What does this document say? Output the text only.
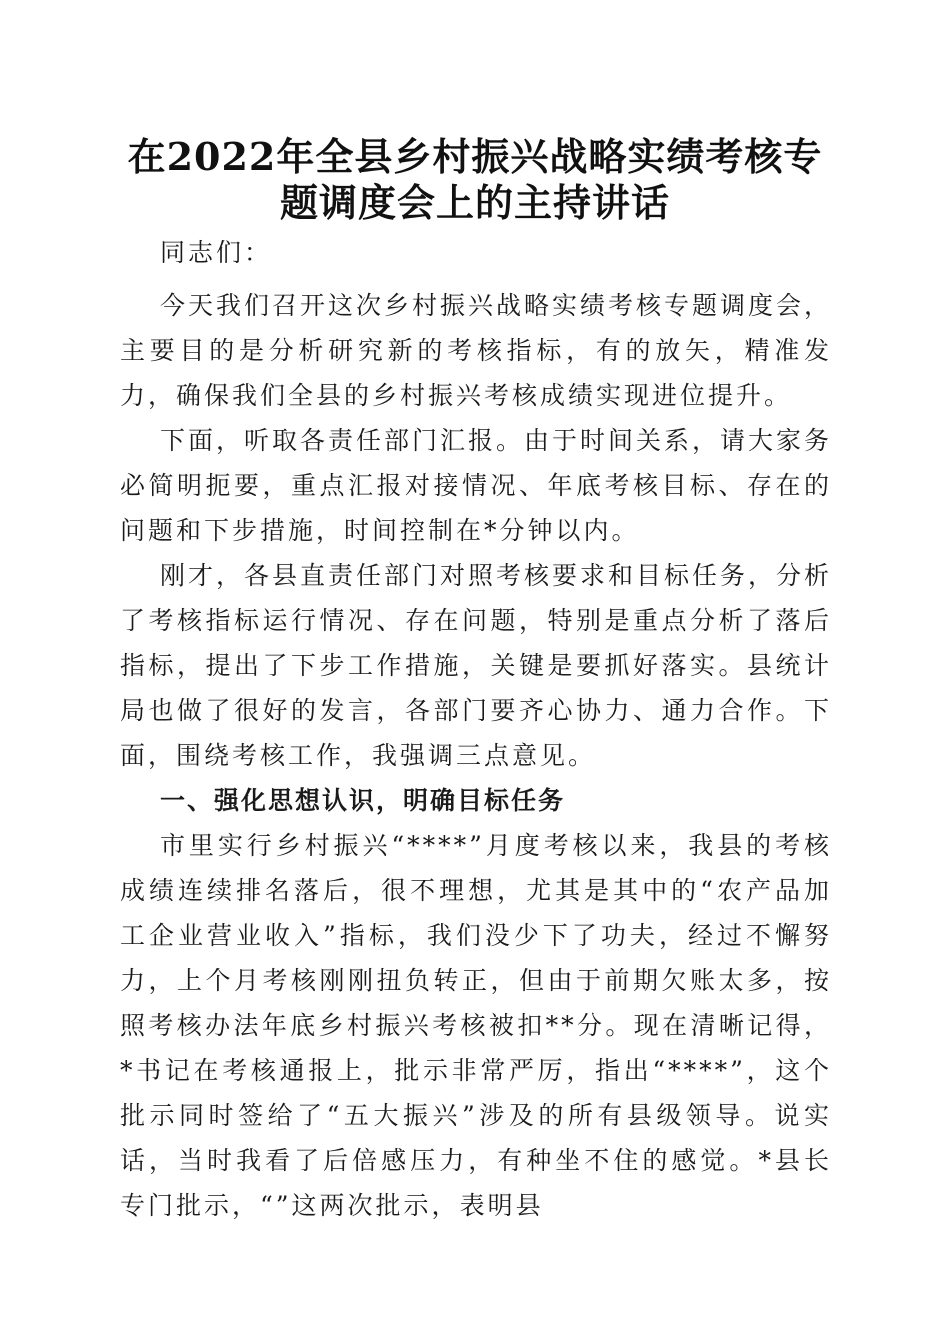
在2022年全县乡村振兴战略实绩考核专题调度会上的主持讲话

同志们：

今天我们召开这次乡村振兴战略实绩考核专题调度会，主要目的是分析研究新的考核指标，有的放矢，精准发力，确保我们全县的乡村振兴考核成绩实现进位提升。

下面，听取各责任部门汇报。由于时间关系，请大家务必简明扼要，重点汇报对接情况、年底考核目标、存在的问题和下步措施，时间控制在*分钟以内。

刚才，各县直责任部门对照考核要求和目标任务，分析了考核指标运行情况、存在问题，特别是重点分析了落后指标，提出了下步工作措施，关键是要抓好落实。县统计局也做了很好的发言，各部门要齐心协力、通力合作。下面，围绕考核工作，我强调三点意见。

一、强化思想认识，明确目标任务

市里实行乡村振兴“****”月度考核以来，我县的考核成绩连续排名落后，很不理想，尤其是其中的“农产品加工企业营业收入”指标，我们没少下了功夫，经过不懈努力，上个月考核刚刚扭负转正，但由于前期欠账太多，按照考核办法年底乡村振兴考核被扣**分。现在清晰记得，*书记在考核通报上，批示非常严厉，指出“****”，这个批示同时签给了“五大振兴”涉及的所有县级领导。说实话，当时我看了后倍感压力，有种坐不住的感觉。*县长专门批示，“”这两次批示，表明县
